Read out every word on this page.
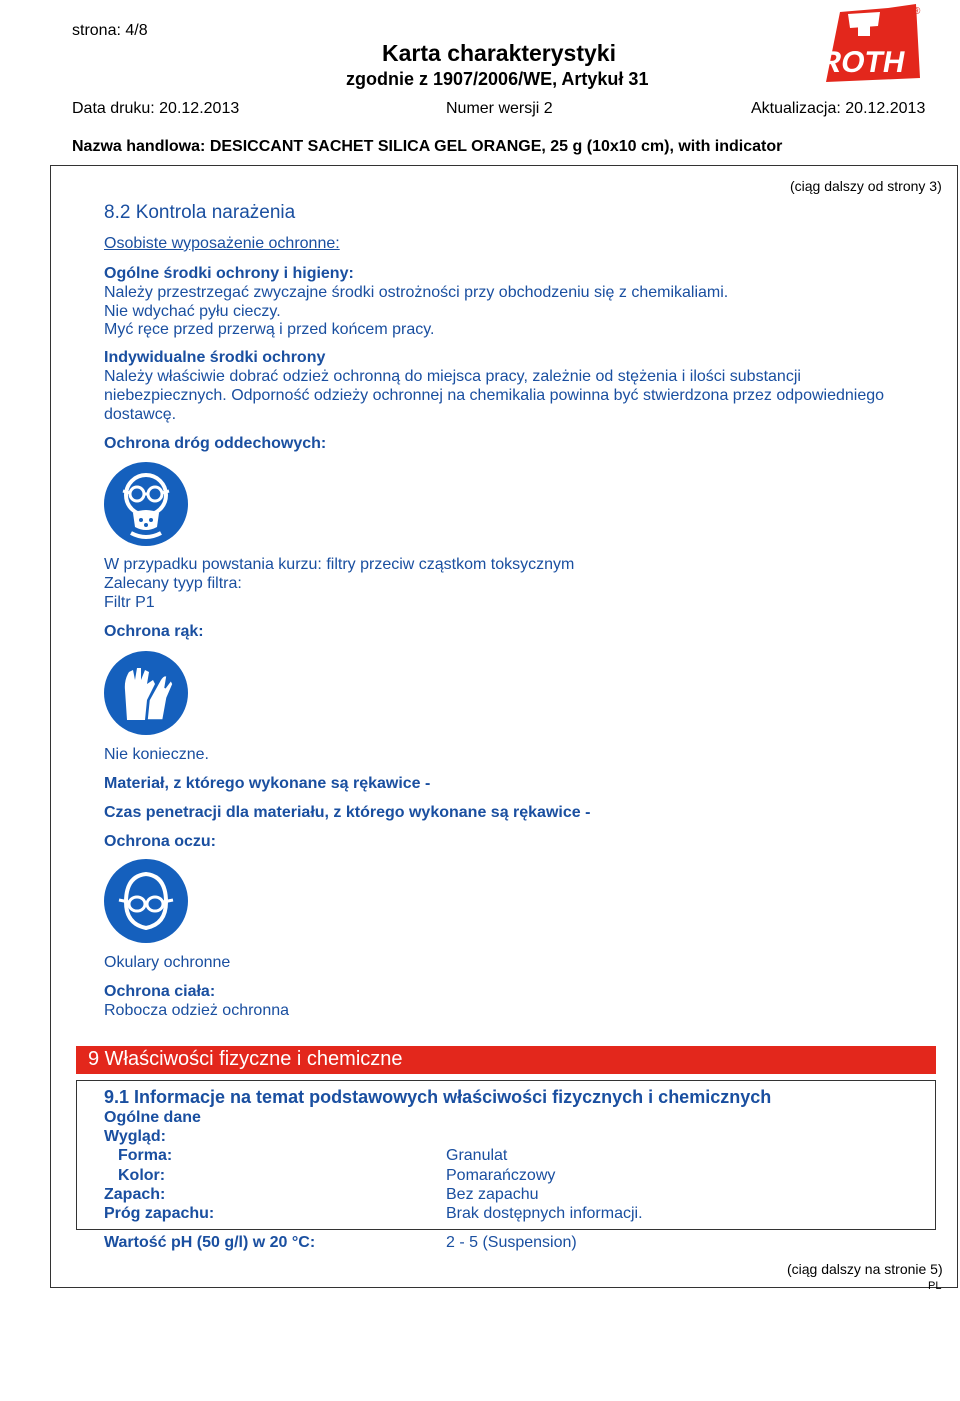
strona: 4/8
Karta charakterystyki
zgodnie z 1907/2006/WE, Artykuł 31
ROTH
®
Data druku: 20.12.2013	Numer wersji 2	Aktualizacja: 20.12.2013
Nazwa handlowa: DESICCANT SACHET SILICA GEL ORANGE, 25 g (10x10 cm), with indicator
(ciąg dalszy od strony 3)
8.2 Kontrola narażenia
Osobiste wyposażenie ochronne:
Ogólne środki ochrony i higieny:
Należy przestrzegać zwyczajne środki ostrożności przy obchodzeniu się z chemikaliami.
Nie wdychać pyłu cieczy.
Myć ręce przed przerwą i przed końcem pracy.
Indywidualne środki ochrony
Należy właściwie dobrać odzież ochronną do miejsca pracy, zależnie od stężenia i ilości substancji
niebezpiecznych. Odporność odzieży ochronnej na chemikalia powinna być stwierdzona przez odpowiedniego
dostawcę.
Ochrona dróg oddechowych:
W przypadku powstania kurzu: filtry przeciw cząstkom toksycznym
Zalecany tyyp filtra:
Filtr P1
Ochrona rąk:
Nie konieczne.
Materiał, z którego wykonane są rękawice -
Czas penetracji dla materiału, z którego wykonane są rękawice -
Ochrona oczu:
Okulary ochronne
Ochrona ciała:
Robocza odzież ochronna
9 Właściwości fizyczne i chemiczne
9.1 Informacje na temat podstawowych właściwości fizycznych i chemicznych
Ogólne dane
Wygląd:
Forma:	Granulat
Kolor:	Pomarańczowy
Zapach:	Bez zapachu
Próg zapachu:	Brak dostępnych informacji.
Wartość pH (50 g/l) w 20 °C:	2 - 5 (Suspension)
(ciąg dalszy na stronie 5)
PL
